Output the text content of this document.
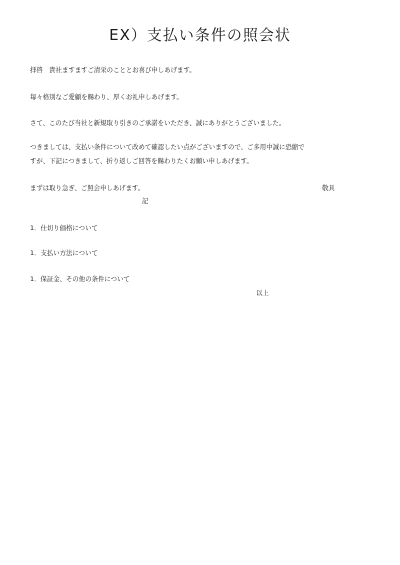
EX）支払い条件の照会状
拝啓　貴社ますますご清栄のこととお喜び申しあげます。
毎々格別なご愛顧を賜わり、厚くお礼申しあげます。
さて、このたび当社と新規取り引きのご承諾をいただき、誠にありがとうございました。
つきましては、支払い条件について改めて確認したい点がございますので、ご多用中誠に恐縮で
すが、下記につきまして、折り返しご回答を賜わりたくお願い申しあげます。
まずは取り急ぎ、ご照会申しあげます。	敬具
記
1．仕切り価格について
1．支払い方法について
1．保証金、その他の条件について
以上
